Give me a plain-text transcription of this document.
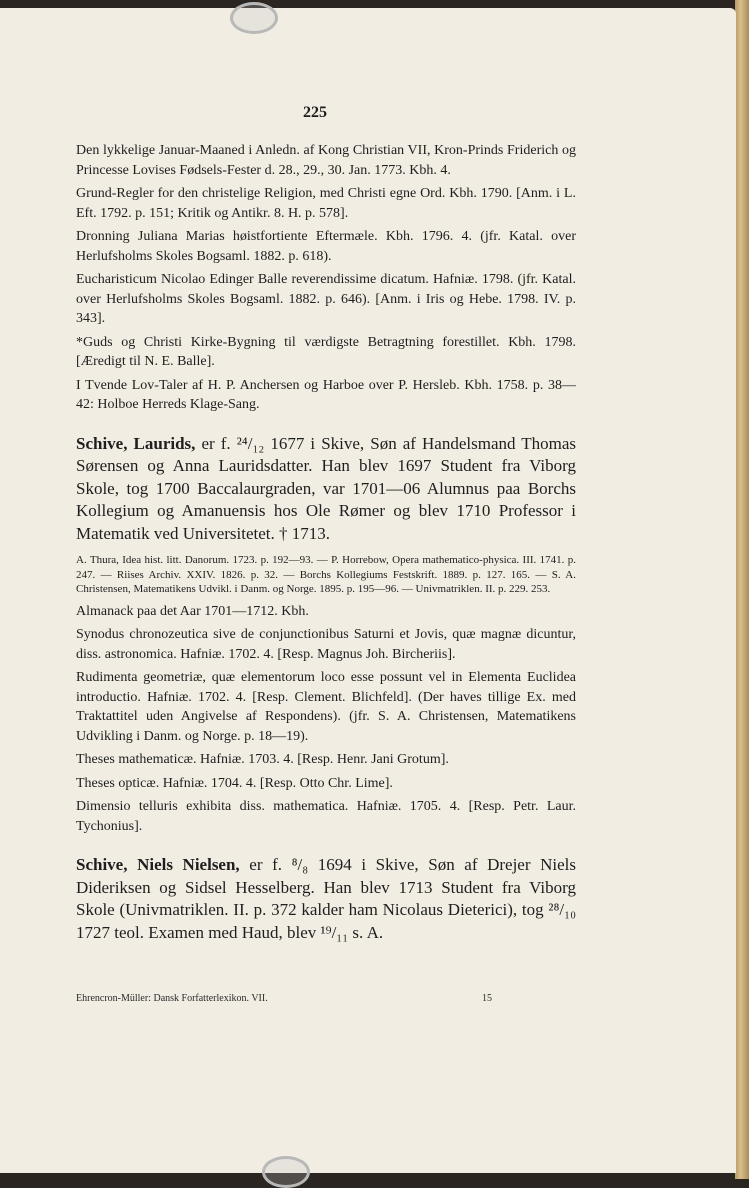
225

Den lykkelige Januar-Maaned i Anledn. af Kong Christian VII, Kron-Prinds Friderich og Princesse Lovises Fødsels-Fester d. 28., 29., 30. Jan. 1773. Kbh. 4.

Grund-Regler for den christelige Religion, med Christi egne Ord. Kbh. 1790. [Anm. i L. Eft. 1792. p. 151; Kritik og Antikr. 8. H. p. 578].

Dronning Juliana Marias høistfortiente Eftermæle. Kbh. 1796. 4. (jfr. Katal. over Herlufsholms Skoles Bogsaml. 1882. p. 618).

Eucharisticum Nicolao Edinger Balle reverendissime dicatum. Hafniæ. 1798. (jfr. Katal. over Herlufsholms Skoles Bogsaml. 1882. p. 646). [Anm. i Iris og Hebe. 1798. IV. p. 343].

*Guds og Christi Kirke-Bygning til værdigste Betragtning forestillet. Kbh. 1798. [Æredigt til N. E. Balle].

I Tvende Lov-Taler af H. P. Anchersen og Harboe over P. Hersleb. Kbh. 1758. p. 38—42: Holboe Herreds Klage-Sang.

Schive, Laurids, er f. ²⁴/₁₂ 1677 i Skive, Søn af Handelsmand Thomas Sørensen og Anna Lauridsdatter. Han blev 1697 Student fra Viborg Skole, tog 1700 Baccalaurgraden, var 1701—06 Alumnus paa Borchs Kollegium og Amanuensis hos Ole Rømer og blev 1710 Professor i Matematik ved Universitetet. † 1713.

A. Thura, Idea hist. litt. Danorum. 1723. p. 192—93. — P. Horrebow, Opera mathematico-physica. III. 1741. p. 247. — Riises Archiv. XXIV. 1826. p. 32. — Borchs Kollegiums Festskrift. 1889. p. 127. 165. — S. A. Christensen, Matematikens Udvikl. i Danm. og Norge. 1895. p. 195—96. — Univmatriklen. II. p. 229. 253.

Almanack paa det Aar 1701—1712. Kbh.

Synodus chronozeutica sive de conjunctionibus Saturni et Jovis, quæ magnæ dicuntur, diss. astronomica. Hafniæ. 1702. 4. [Resp. Magnus Joh. Bircheriis].

Rudimenta geometriæ, quæ elementorum loco esse possunt vel in Elementa Euclidea introductio. Hafniæ. 1702. 4. [Resp. Clement. Blichfeld]. (Der haves tillige Ex. med Traktattitel uden Angivelse af Respondens). (jfr. S. A. Christensen, Matematikens Udvikling i Danm. og Norge. p. 18—19).

Theses mathematicæ. Hafniæ. 1703. 4. [Resp. Henr. Jani Grotum].

Theses opticæ. Hafniæ. 1704. 4. [Resp. Otto Chr. Lime].

Dimensio telluris exhibita diss. mathematica. Hafniæ. 1705. 4. [Resp. Petr. Laur. Tychonius].

Schive, Niels Nielsen, er f. ⁸/₈ 1694 i Skive, Søn af Drejer Niels Dideriksen og Sidsel Hesselberg. Han blev 1713 Student fra Viborg Skole (Univmatriklen. II. p. 372 kalder ham Nicolaus Dieterici), tog ²⁸/₁₀ 1727 teol. Examen med Haud, blev ¹⁹/₁₁ s. A.

Ehrencron-Müller: Dansk Forfatterlexikon. VII.	15
